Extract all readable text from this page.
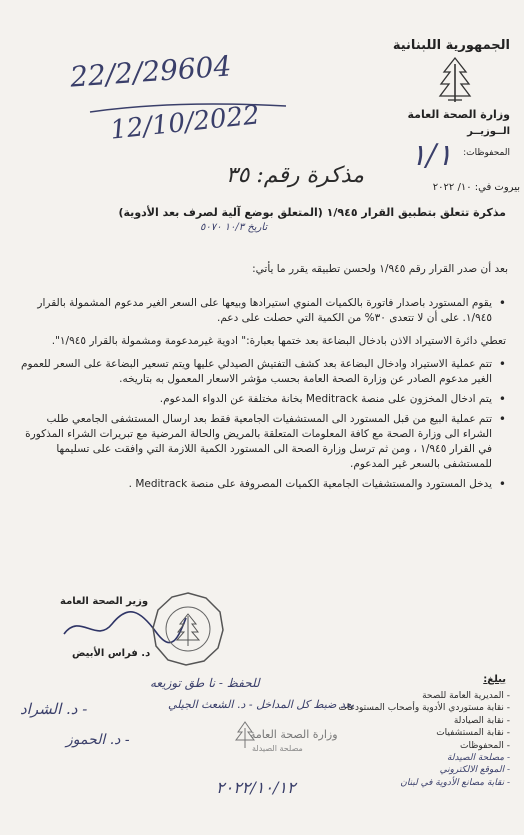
الجمهورية اللبنانية
وزارة الصحة العامة
الــوزيــر
المحفوظات:
22/2/29604
12/10/2022
١/١
مذكرة رقم: ٣٥	بيروت في: ١٠/ ٢٠٢٢
مذكرة تتعلق بتطبيق القرار ١/٩٤٥ (المتعلق بوضع آلية لصرف بعد الأدوية)
تاريخ ١٠/٣ ٥٠٧٠
بعد أن صدر القرار رقم ١/٩٤٥ ولحسن تطبيقه يقرر ما يأتي:
• يقوم المستورد باصدار فاتورة بالكميات المنوي استيرادها وبيعها على السعر الغير مدعوم المشمولة بالقرار ١/٩٤٥. على أن لا تتعدى ٣٠% من الكمية التي حصلت على دعم.
تعطي دائرة الاستيراد الاذن بادخال البضاعة بعد ختمها بعبارة:" ادوية غيرمدعومة ومشمولة بالقرار ١/٩٤٥".
• تتم عملية الاستيراد وادخال البضاعة بعد كشف التفتيش الصيدلي عليها ويتم تسعير البضاعة على السعر للعموم الغير مدعوم الصادر عن وزارة الصحة العامة بحسب مؤشر الاسعار المعمول به بتاريخه.
• يتم ادخال المخزون على منصة Meditrack بخانة مختلفة عن الدواء المدعوم.
• تتم عملية البيع من قبل المستورد الى المستشفيات الجامعية فقط بعد ارسال المستشفى الجامعي طلب الشراء الى وزارة الصحة مع كافة المعلومات المتعلقة بالمريض والحالة المرضية مع تبريرات الشراء المذكورة في القرار ١/٩٤٥ ، ومن ثم ترسل وزارة الصحة الى المستورد الكمية اللازمة التي وافقت على تسليمها للمستشفى بالسعر غير المدعوم.
• يدخل المستورد والمستشفيات الجامعية الكميات المصروفة على منصة Meditrack .
وزير الصحة العامة
د. فراس الأبيض
للحفظ - نا طق توزيعه
بعد ضبط كل المداخل - د. الشعث الجيلي
- د. الشراد
- د. الحموز	وزارة الصحة العامة
مصلحة الصيدلة
٢٠٢٢/١٠/١٢
يبلغ:
- المديرية العامة للصحة
- نقابة مستوردي الأدوية وأصحاب المستودعات
- نقابة الصيادلة
- نقابة المستشفيات
- المحفوظات
- مصلحة الصيدلة
- الموقع الالكتروني
- نقابة مصانع الأدوية في لبنان
